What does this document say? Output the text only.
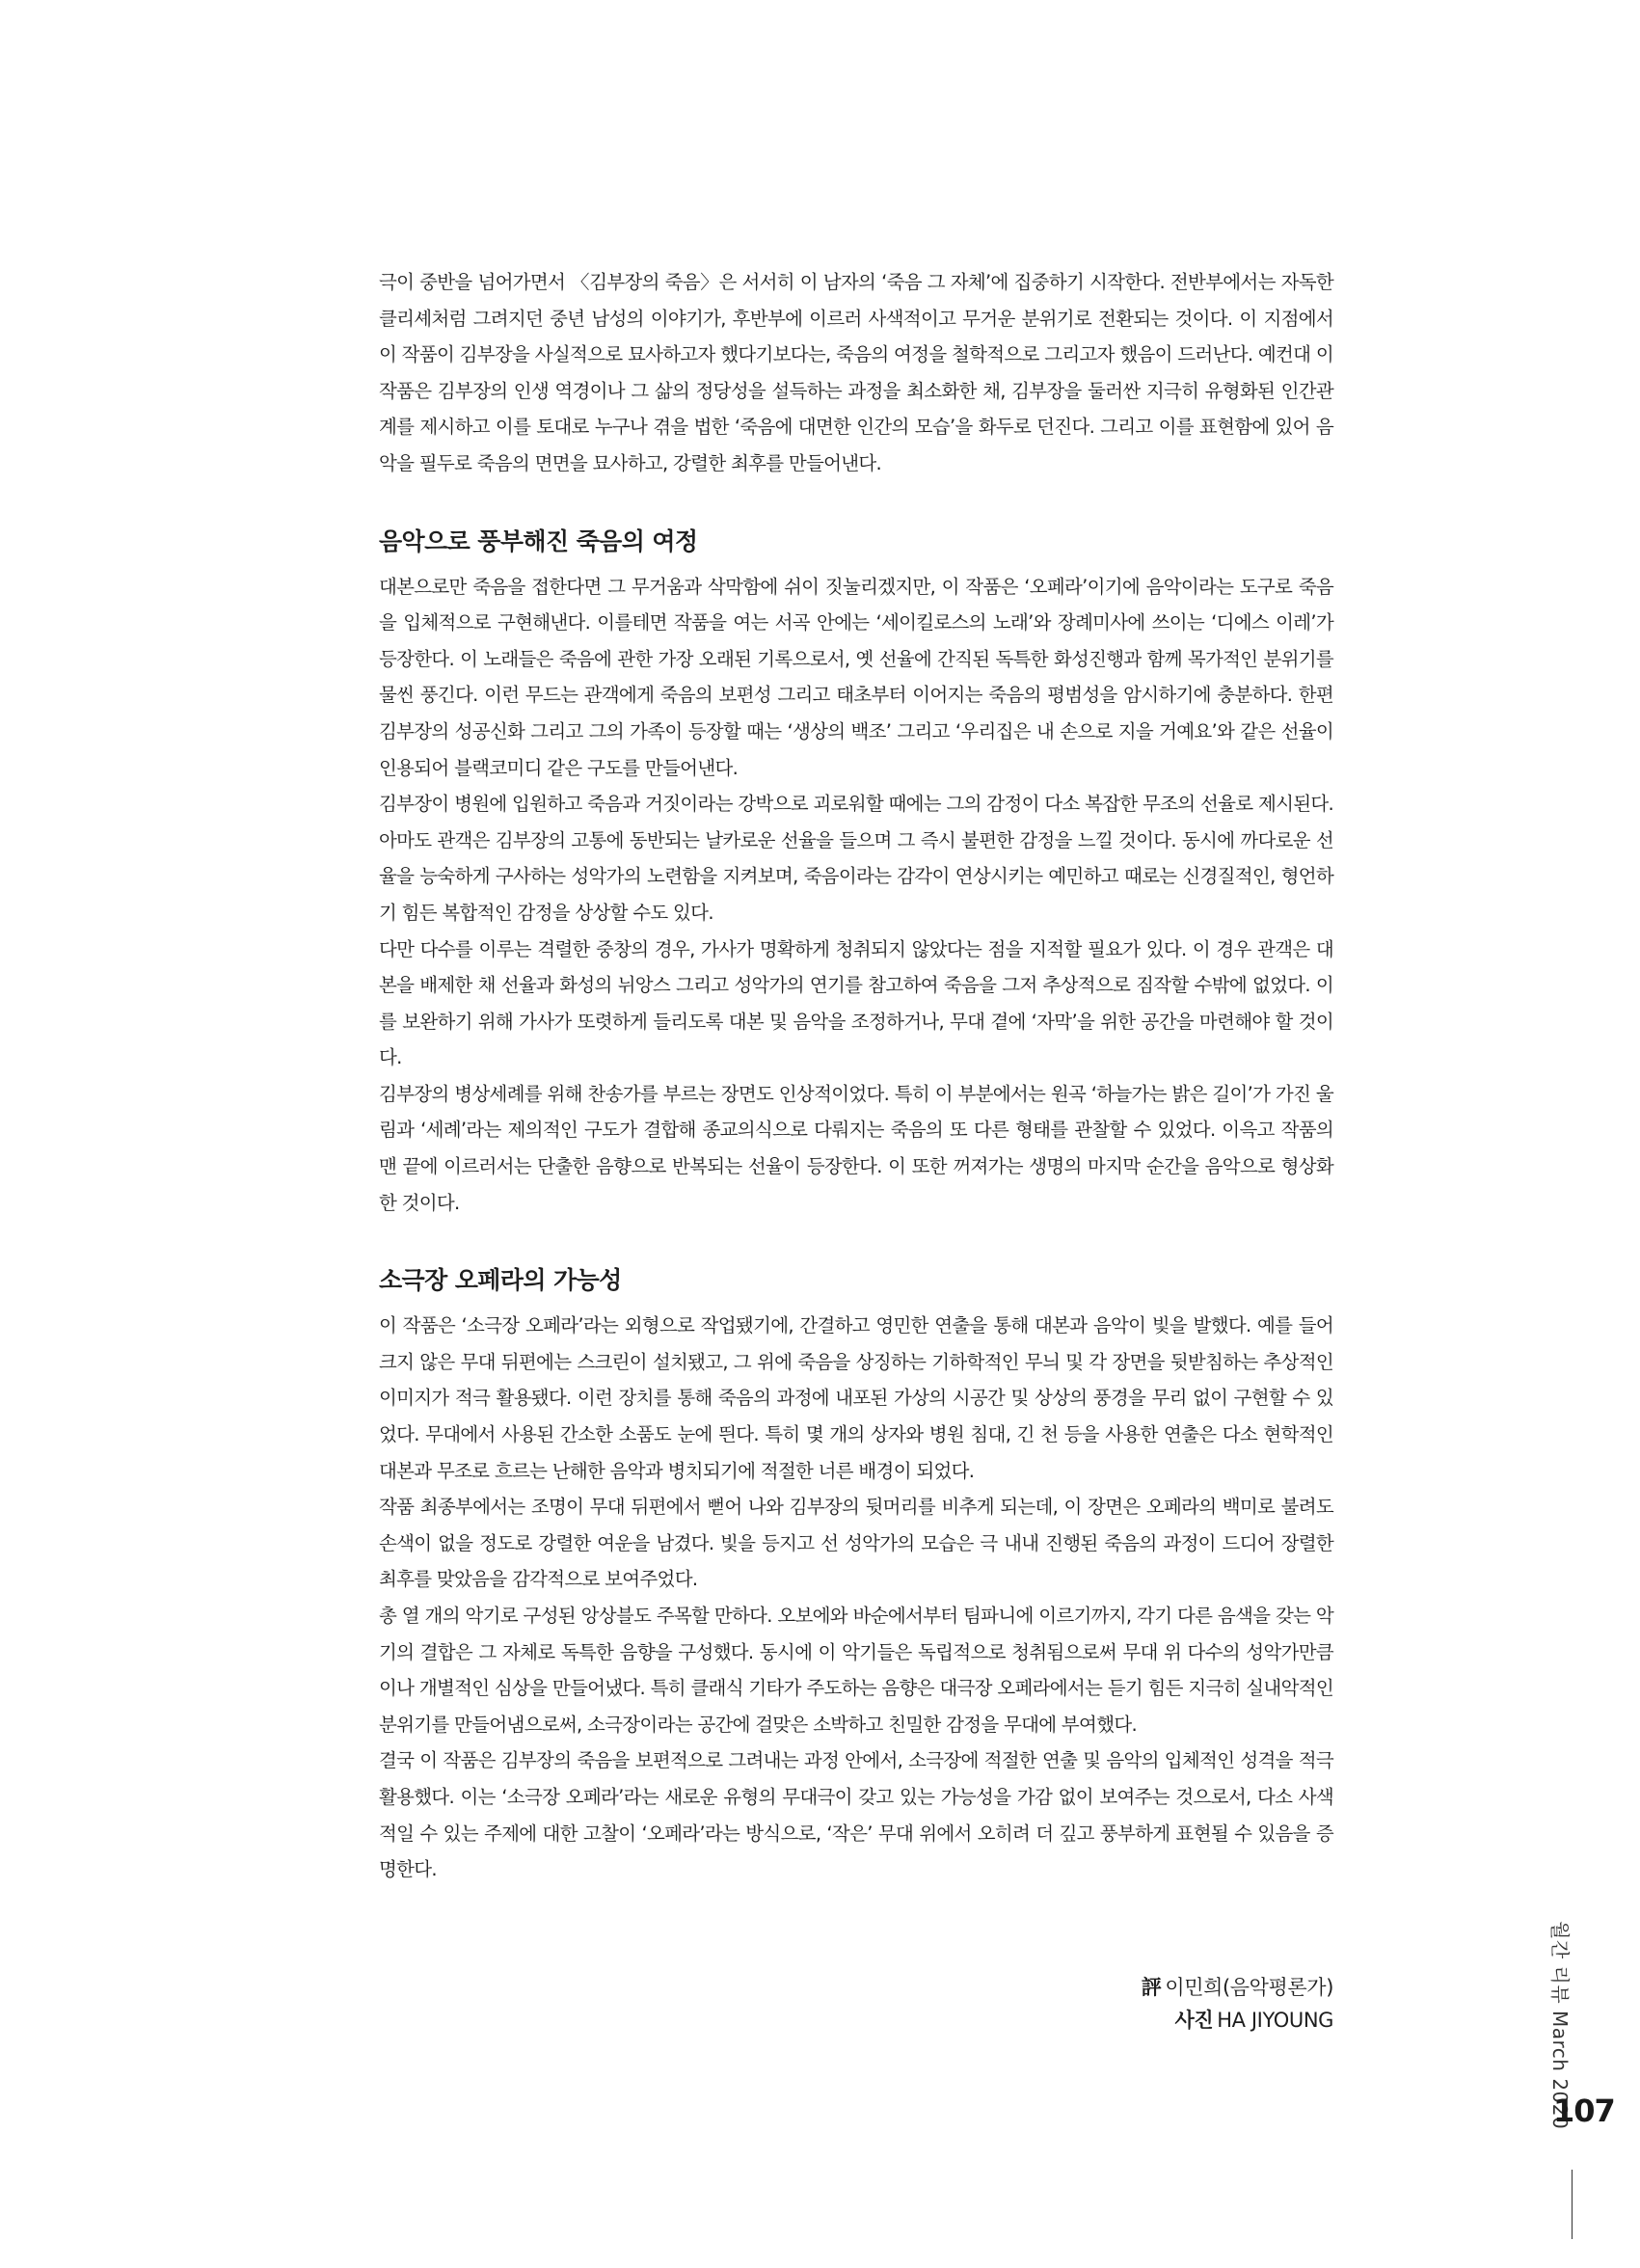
극이 중반을 넘어가면서 〈김부장의 죽음〉은 서서히 이 남자의 ‘죽음 그 자체’에 집중하기 시작한다. 전반부에서는 자독한 클리셰처럼 그려지던 중년 남성의 이야기가, 후반부에 이르러 사색적이고 무거운 분위기로 전환되는 것이다. 이 지점에서 이 작품이 김부장을 사실적으로 묘사하고자 했다기보다는, 죽음의 여정을 철학적으로 그리고자 했음이 드러난다. 예컨대 이 작품은 김부장의 인생 역경이나 그 삶의 정당성을 설득하는 과정을 최소화한 채, 김부장을 둘러싼 지극히 유형화된 인간관계를 제시하고 이를 토대로 누구나 겪을 법한 ‘죽음에 대면한 인간의 모습’을 화두로 던진다. 그리고 이를 표현함에 있어 음악을 필두로 죽음의 면면을 묘사하고, 강렬한 최후를 만들어낸다.

음악으로 풍부해진 죽음의 여정

대본으로만 죽음을 접한다면 그 무거움과 삭막함에 쉬이 짓눌리겠지만, 이 작품은 ‘오페라’이기에 음악이라는 도구로 죽음을 입체적으로 구현해낸다. 이를테면 작품을 여는 서곡 안에는 ‘세이킬로스의 노래’와 장례미사에 쓰이는 ‘디에스 이레’가 등장한다. 이 노래들은 죽음에 관한 가장 오래된 기록으로서, 옛 선율에 간직된 독특한 화성진행과 함께 목가적인 분위기를 물씬 풍긴다. 이런 무드는 관객에게 죽음의 보편성 그리고 태초부터 이어지는 죽음의 평범성을 암시하기에 충분하다. 한편 김부장의 성공신화 그리고 그의 가족이 등장할 때는 ‘생상의 백조’ 그리고 ‘우리집은 내 손으로 지을 거예요’와 같은 선율이 인용되어 블랙코미디 같은 구도를 만들어낸다.

김부장이 병원에 입원하고 죽음과 거짓이라는 강박으로 괴로워할 때에는 그의 감정이 다소 복잡한 무조의 선율로 제시된다. 아마도 관객은 김부장의 고통에 동반되는 날카로운 선율을 들으며 그 즉시 불편한 감정을 느낄 것이다. 동시에 까다로운 선율을 능숙하게 구사하는 성악가의 노련함을 지켜보며, 죽음이라는 감각이 연상시키는 예민하고 때로는 신경질적인, 형언하기 힘든 복합적인 감정을 상상할 수도 있다.

다만 다수를 이루는 격렬한 중창의 경우, 가사가 명확하게 청취되지 않았다는 점을 지적할 필요가 있다. 이 경우 관객은 대본을 배제한 채 선율과 화성의 뉘앙스 그리고 성악가의 연기를 참고하여 죽음을 그저 추상적으로 짐작할 수밖에 없었다. 이를 보완하기 위해 가사가 또렷하게 들리도록 대본 및 음악을 조정하거나, 무대 곁에 ‘자막’을 위한 공간을 마련해야 할 것이다.

김부장의 병상세례를 위해 찬송가를 부르는 장면도 인상적이었다. 특히 이 부분에서는 원곡 ‘하늘가는 밝은 길이’가 가진 울림과 ‘세례’라는 제의적인 구도가 결합해 종교의식으로 다뤄지는 죽음의 또 다른 형태를 관찰할 수 있었다. 이윽고 작품의 맨 끝에 이르러서는 단출한 음향으로 반복되는 선율이 등장한다. 이 또한 꺼져가는 생명의 마지막 순간을 음악으로 형상화한 것이다.

소극장 오페라의 가능성

이 작품은 ‘소극장 오페라’라는 외형으로 작업됐기에, 간결하고 영민한 연출을 통해 대본과 음악이 빛을 발했다. 예를 들어 크지 않은 무대 뒤편에는 스크린이 설치됐고, 그 위에 죽음을 상징하는 기하학적인 무늬 및 각 장면을 뒷받침하는 추상적인 이미지가 적극 활용됐다. 이런 장치를 통해 죽음의 과정에 내포된 가상의 시공간 및 상상의 풍경을 무리 없이 구현할 수 있었다. 무대에서 사용된 간소한 소품도 눈에 띈다. 특히 몇 개의 상자와 병원 침대, 긴 천 등을 사용한 연출은 다소 현학적인 대본과 무조로 흐르는 난해한 음악과 병치되기에 적절한 너른 배경이 되었다.

작품 최종부에서는 조명이 무대 뒤편에서 뻗어 나와 김부장의 뒷머리를 비추게 되는데, 이 장면은 오페라의 백미로 불려도 손색이 없을 정도로 강렬한 여운을 남겼다. 빛을 등지고 선 성악가의 모습은 극 내내 진행된 죽음의 과정이 드디어 장렬한 최후를 맞았음을 감각적으로 보여주었다.

총 열 개의 악기로 구성된 앙상블도 주목할 만하다. 오보에와 바순에서부터 팀파니에 이르기까지, 각기 다른 음색을 갖는 악기의 결합은 그 자체로 독특한 음향을 구성했다. 동시에 이 악기들은 독립적으로 청취됨으로써 무대 위 다수의 성악가만큼이나 개별적인 심상을 만들어냈다. 특히 클래식 기타가 주도하는 음향은 대극장 오페라에서는 듣기 힘든 지극히 실내악적인 분위기를 만들어냄으로써, 소극장이라는 공간에 걸맞은 소박하고 친밀한 감정을 무대에 부여했다.

결국 이 작품은 김부장의 죽음을 보편적으로 그려내는 과정 안에서, 소극장에 적절한 연출 및 음악의 입체적인 성격을 적극 활용했다. 이는 ‘소극장 오페라’라는 새로운 유형의 무대극이 갖고 있는 가능성을 가감 없이 보여주는 것으로서, 다소 사색적일 수 있는 주제에 대한 고찰이 ‘오페라’라는 방식으로, ‘작은’ 무대 위에서 오히려 더 깊고 풍부하게 표현될 수 있음을 증명한다.

評 이민희(음악평론가)
사진 HA JIYOUNG
월간 리뷰 March 2020
107
